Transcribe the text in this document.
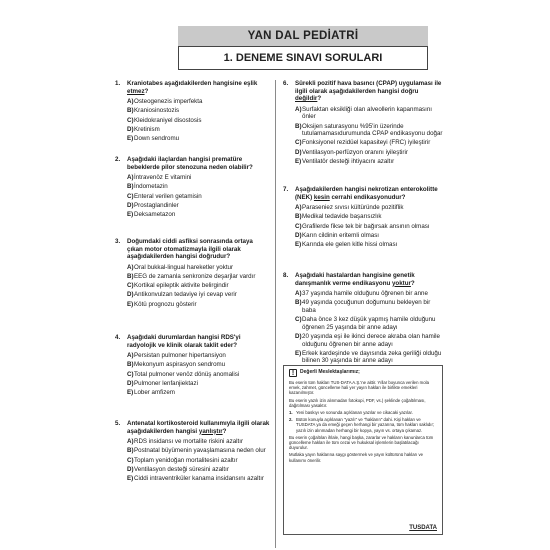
YAN DAL PEDİATRİ
1. DENEME SINAVI SORULARI
1.	Kraniotabes aşağıdakilerden hangisine eşlik etmez?
A) Osteogenezis imperfekta
B) Kraniosinostozis
C) Kleidokraniyel disostosis
D) Kretinism
E) Down sendromu
2.	Aşağıdaki ilaçlardan hangisi prematüre bebeklerde pilor stenozuna neden olabilir?
A) İntravenöz E vitamini
B) İndometazin
C) Enteral verilen getamisin
D) Prostaglandinler
E) Deksametazon
3.	Doğumdaki ciddi asfiksi sonrasında ortaya çıkan motor otomatizmayla ilgili olarak aşağıdakilerden hangisi doğrudur?
A) Oral bukkal-lingual hareketler yoktur
B) EEG de zamanla senkronize deşarjlar vardır
C) Kortikal epileptik aktivite belirgindir
D) Antikonvulzan tedaviye iyi cevap verir
E) Kötü prognozu gösterir
4.	Aşağıdaki durumlardan hangisi RDS'yi radyolojik ve klinik olarak taklit eder?
A) Persistan pulmoner hipertansiyon
B) Mekonyum aspirasyon sendromu
C) Total pulmoner venöz dönüş anomalisi
D) Pulmoner lenfanjiektazi
E) Lober amfizem
5.	Antenatal kortikosteroid kullanımıyla ilgili olarak aşağıdakilerden hangisi yanlıştır?
A) RDS insidansı ve mortalite riskini azaltır
B) Postnatal büyümenin yavaşlamasına neden olur
C) Toplam yenidoğan mortalitesini azaltır
D) Ventilasyon desteği süresini azaltır
E) Ciddi intraventriküler kanama insidansını azaltır
6.	Sürekli pozitif hava basıncı (CPAP) uygulaması ile ilgili olarak aşağıdakilerden hangisi doğru değildir?
A) Surfaktan eksikliği olan alveollerin kapanmasını önler
B) Oksijen saturasyonu %95'in üzerinde tutulamamasıdurumunda CPAP endikasyonu doğar
C) Fonksiyonel rezidüel kapasiteyi (FRC) iyileştirir
D) Ventilasyon-perfüzyon oranını iyileştirir
E) Ventilatör desteği ihtiyacını azaltır
7.	Aşağıdakilerden hangisi nekrotizan enterokolitte (NEK) kesin cerrahi endikasyonudur?
A) Paraseniez sıvısı kültüründe pozitiflik
B) Medikal tedavide başarısızlık
C) Grafilerde fikse tek bir bağırsak ansının olması
D) Karın cildinin eritemli olması
E) Karında ele gelen kitle hissi olması
8.	Aşağıdaki hastalardan hangisine genetik danışmanlık verme endikasyonu yoktur?
A) 37 yaşında hamile olduğunu öğrenen bir anne
B) 49 yaşında çocuğunun doğumunu bekleyen bir baba
C) Daha önce 3 kez düşük yapmış hamile olduğunu öğrenen 25 yaşında bir anne adayı
D) 20 yaşında eşi ile ikinci derece akraba olan hamile olduğunu öğrenen bir anne adayı
E) Erkek kardeşinde ve dayısında zeka geriliği olduğu bilinen 30 yaşında bir anne adayı
!	Değerli Meslektaşlarımız;

Bu eserin tüm hakları TUS-DATA A.Ş.'ne aittir. Yıllar boyunca verilen mola emek, zahmet, güncelleme hali yer yayın hakları ile birlikte emekleri kazanılmıştır.

Bu eserin yazılı izin alınmadan fotokopi, PDF, vs.) şeklinde çoğaltılması, dağıtılması yasaktır.

1. Yeni baskıyı ve sonunda açıklanan yazılar ve cikacaki yazılar.
2. Bütün konuyla açıklanan "yazılı" ve "hakların" dahi. Kişi hakları ve TUSDATA ya da emeği geçen herhangi bir yazarına, tüm hakları saklıdır; yazılı izin alınmadan herhangi bir kopya, yayın vs. ortaya çıkamaz.

Bu eserin çoğaltılan ihlale, hangi başka, zararlar ve hakların kanunlarca tüm güncelleme hakları ile tüm cezai ve hukuksal işlemlerin başlatılacağı duyurulur.

Mutlaka yayın haklarına saygı göstermek ve yayın kültürünü hakları ve kullanımı önerilir.

TUSDATA
